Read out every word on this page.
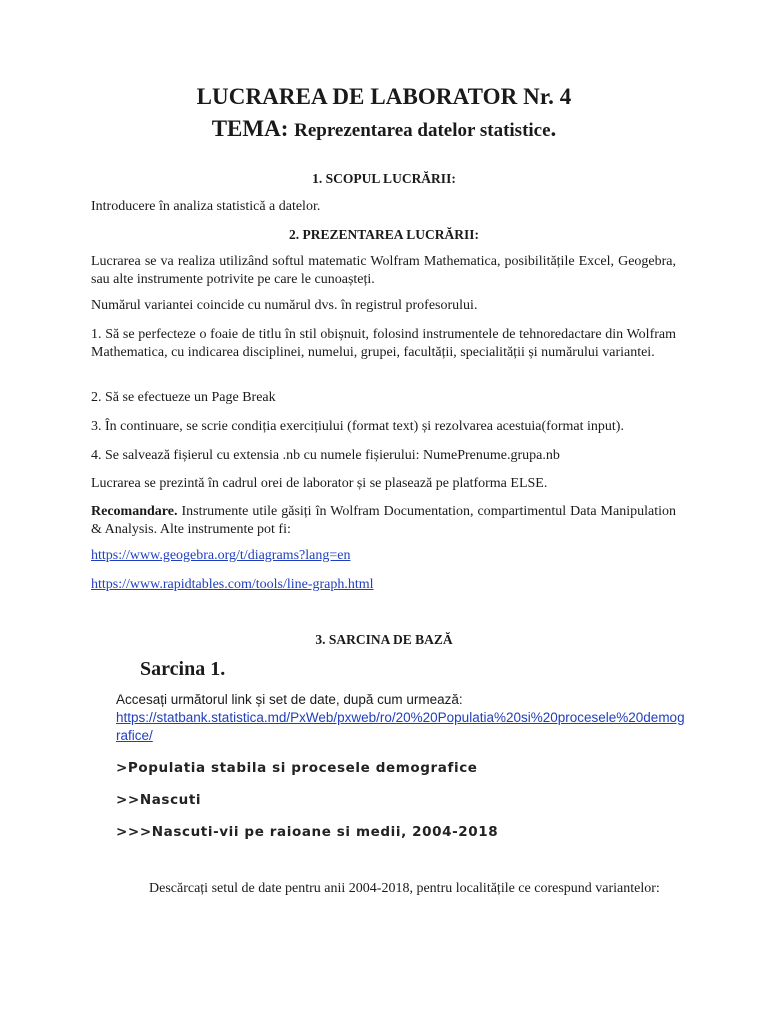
LUCRAREA DE LABORATOR Nr. 4
TEMA: Reprezentarea datelor statistice.
1. SCOPUL LUCRĂRII:

Introducere în analiza statistică a datelor.

2. PREZENTAREA LUCRĂRII:

Lucrarea se va realiza utilizând softul matematic Wolfram Mathematica, posibilitățile Excel, Geogebra, sau alte instrumente potrivite pe care le cunoașteți.

Numărul variantei coincide cu numărul dvs. în registrul profesorului.

1. Să se perfecteze o foaie de titlu în stil obișnuit, folosind instrumentele de tehnoredactare din Wolfram Mathematica, cu indicarea disciplinei, numelui, grupei, facultății, specialității și numărului variantei.

2. Să se efectueze un Page Break

3. În continuare, se scrie condiția exercițiului (format text) și rezolvarea acestuia(format input).

4. Se salvează fișierul cu extensia .nb cu numele fișierului: NumePrenume.grupa.nb

Lucrarea se prezintă în cadrul orei de laborator și se plasează pe platforma ELSE.

Recomandare. Instrumente utile găsiți în Wolfram Documentation, compartimentul Data Manipulation & Analysis. Alte instrumente pot fi:

https://www.geogebra.org/t/diagrams?lang=en
https://www.rapidtables.com/tools/line-graph.html
3. SARCINA DE BAZĂ
Sarcina 1.

Accesați următorul link și set de date, după cum urmează:
https://statbank.statistica.md/PxWeb/pxweb/ro/20%20Populatia%20si%20procesele%20demografice/

>Populatia stabila si procesele demografice

>>Nascuti

>>>Nascuti-vii pe raioane si medii, 2004-2018

Descărcați setul de date pentru anii 2004-2018, pentru localitățile ce corespund variantelor:
